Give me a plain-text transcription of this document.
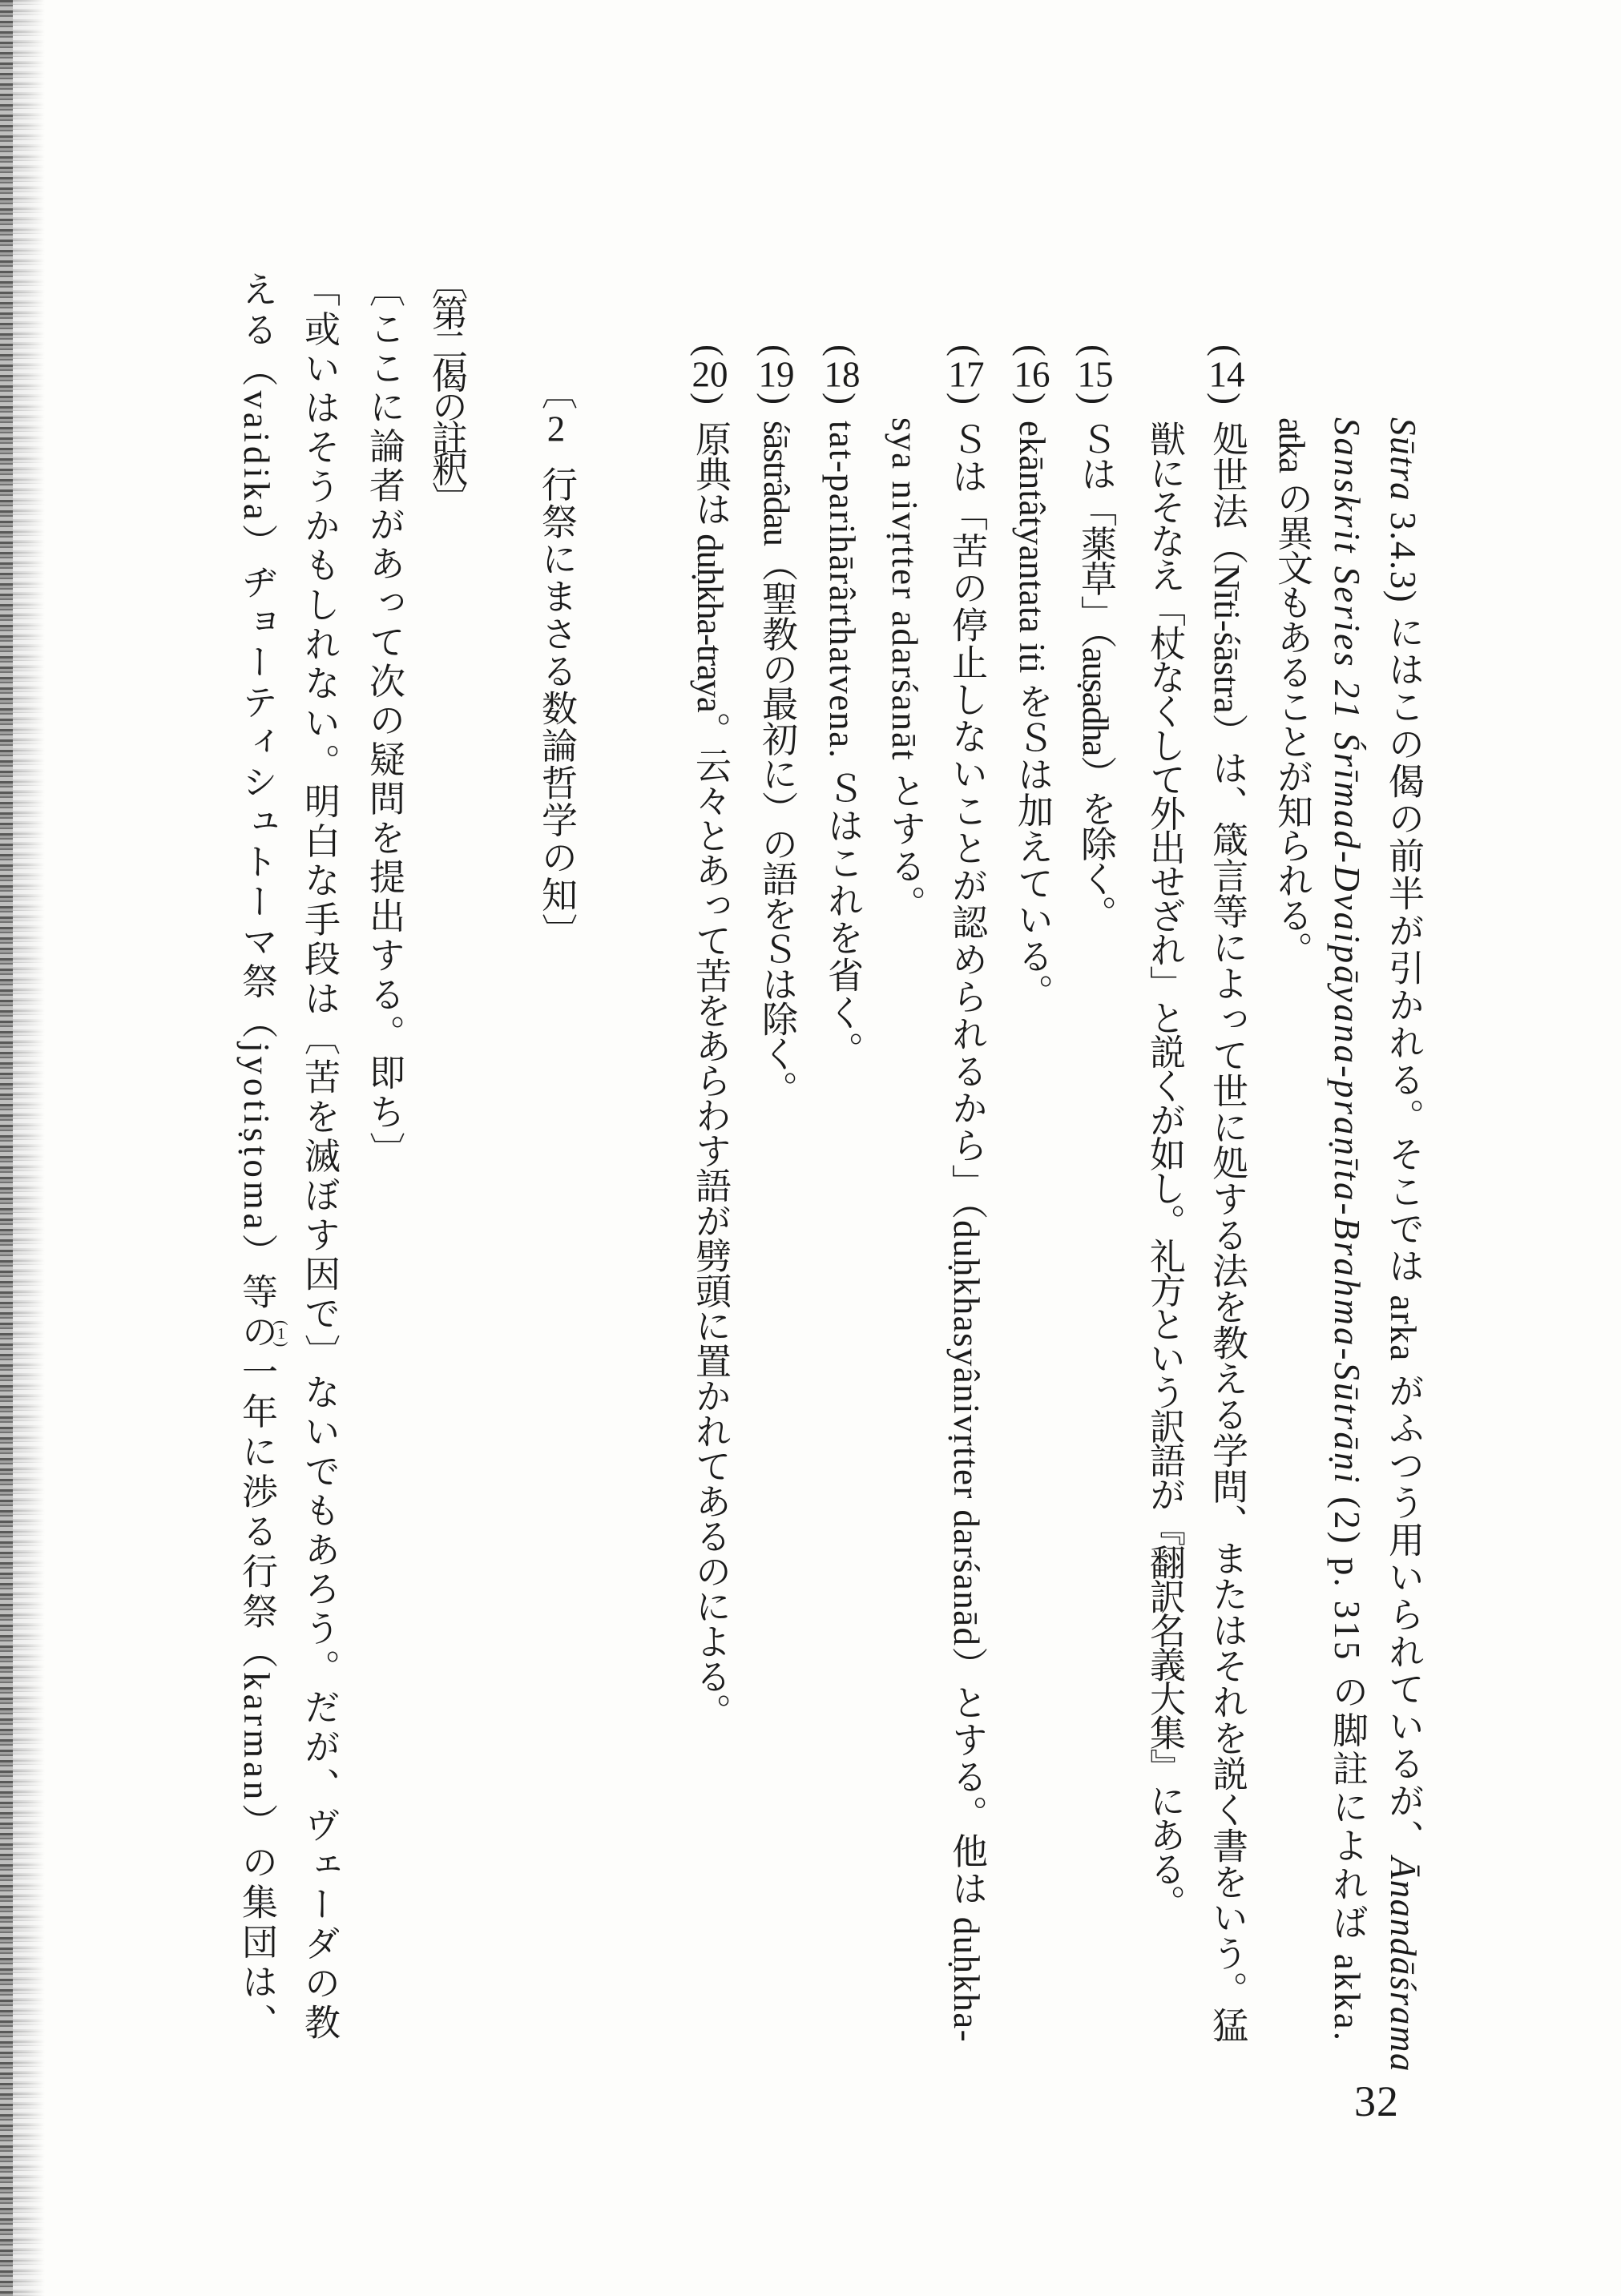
Sūtra 3.4.3) にはこの偈の前半が引かれる。そこでは arka がふつう用いられているが、Ānandāśrama
Sanskrit Series 21 Śrīmad-Dvaipāyana-praṇīta-Brahma-Sūtrāṇi (2) p. 315 の脚註によれば akka.
atka の異文もあることが知られる。
(14)
処世法（Nīti-śāstra）は、箴言等によって世に処する法を教える学問、またはそれを説く書をいう。猛
獣にそなえ「杖なくして外出せざれ」と説くが如し。礼方という訳語が『翻訳名義大集』にある。
(15)
Ｓは「薬草」（auṣadha）を除く。
(16)
ekāntâtyantata iti をＳは加えている。
(17)
Ｓは「苦の停止しないことが認められるから」（duḥkhasyânivṛtter darśanād）とする。他は duḥkha-
sya nivṛtter adarśanāt とする。
(18)
tat-parihārârthatvena. Ｓはこれを省く。
(19)
śāstrâdau（聖教の最初に）の語をＳは除く。
(20)
原典は duḥkha-traya。云々とあって苦をあらわす語が劈頭に置かれてあるのによる。
〔2行祭にまさる数論哲学の知〕
〔第二偈の註釈〕
〔ここに論者があって次の疑問を提出する。即ち〕
「或いはそうかもしれない。明白な手段は〔苦を滅ぼす因で〕ないでもあろう。だが、ヴェーダの教
える（vaidika）ヂョーティシュトーマ祭（jyotiṣṭoma）等の一年に渉る行祭（karman）の集団は、
(1)
32
